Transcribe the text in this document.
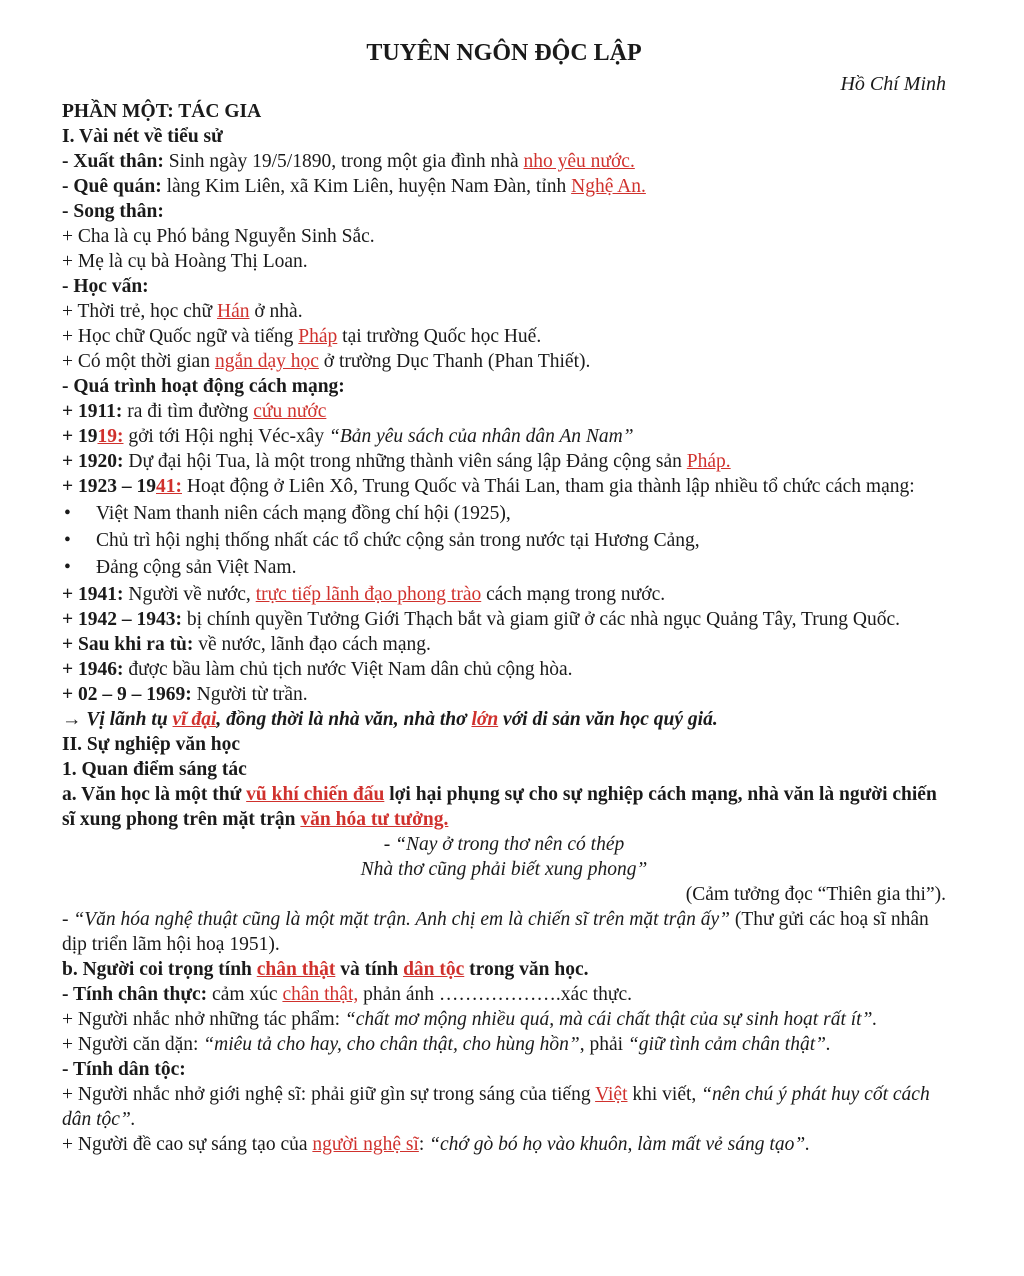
TUYÊN NGÔN ĐỘC LẬP
Hồ Chí Minh

PHẦN MỘT: TÁC GIA

I. Vài nét về tiểu sử

- Xuất thân: Sinh ngày 19/5/1890, trong một gia đình nhà nho yêu nước.

- Quê quán: làng Kim Liên, xã Kim Liên, huyện Nam Đàn, tỉnh Nghệ An.

- Song thân:

+ Cha là cụ Phó bảng Nguyễn Sinh Sắc.

+ Mẹ là cụ bà Hoàng Thị Loan.

- Học vấn:

+ Thời trẻ, học chữ Hán ở nhà.

+ Học chữ Quốc ngữ và tiếng Pháp tại trường Quốc học Huế.

+ Có một thời gian ngắn dạy học ở trường Dục Thanh (Phan Thiết).

- Quá trình hoạt động cách mạng:

+ 1911: ra đi tìm đường cứu nước

+ 1919: gởi tới Hội nghị Véc-xây “Bản yêu sách của nhân dân An Nam”

+ 1920: Dự đại hội Tua, là một trong những thành viên sáng lập Đảng cộng sản Pháp.

+ 1923 – 1941: Hoạt động ở Liên Xô, Trung Quốc và Thái Lan, tham gia thành lập nhiều tổ chức cách mạng:

• Việt Nam thanh niên cách mạng đồng chí hội (1925),

• Chủ trì hội nghị thống nhất các tổ chức cộng sản trong nước tại Hương Cảng,

• Đảng cộng sản Việt Nam.

+ 1941: Người về nước, trực tiếp lãnh đạo phong trào cách mạng trong nước.

+ 1942 – 1943: bị chính quyền Tưởng Giới Thạch bắt và giam giữ ở các nhà ngục Quảng Tây, Trung Quốc.

+ Sau khi ra tù: về nước, lãnh đạo cách mạng.

+ 1946: được bầu làm chủ tịch nước Việt Nam dân chủ cộng hòa.

+ 02 – 9 – 1969: Người từ trần.

→ Vị lãnh tụ vĩ đại, đồng thời là nhà văn, nhà thơ lớn với di sản văn học quý giá.

II. Sự nghiệp văn học

1. Quan điểm sáng tác

a. Văn học là một thứ vũ khí chiến đấu lợi hại phụng sự cho sự nghiệp cách mạng, nhà văn là người chiến sĩ xung phong trên mặt trận văn hóa tư tưởng.

- “Nay ở trong thơ nên có thép

Nhà thơ cũng phải biết xung phong”

(Cảm tưởng đọc “Thiên gia thi”).

- “Văn hóa nghệ thuật cũng là một mặt trận. Anh chị em là chiến sĩ trên mặt trận ấy” (Thư gửi các hoạ sĩ nhân dịp triển lãm hội hoạ 1951).

b. Người coi trọng tính chân thật và tính dân tộc trong văn học.

- Tính chân thực: cảm xúc chân thật, phản ánh ……………….xác thực.

+ Người nhắc nhở những tác phẩm: “chất mơ mộng nhiều quá, mà cái chất thật của sự sinh hoạt rất ít”.

+ Người căn dặn: “miêu tả cho hay, cho chân thật, cho hùng hồn”, phải “giữ tình cảm chân thật”.

- Tính dân tộc:

+ Người nhắc nhở giới nghệ sĩ: phải giữ gìn sự trong sáng của tiếng Việt khi viết, “nên chú ý phát huy cốt cách dân tộc”.

+ Người đề cao sự sáng tạo của người nghệ sĩ: “chớ gò bó họ vào khuôn, làm mất vẻ sáng tạo”.
